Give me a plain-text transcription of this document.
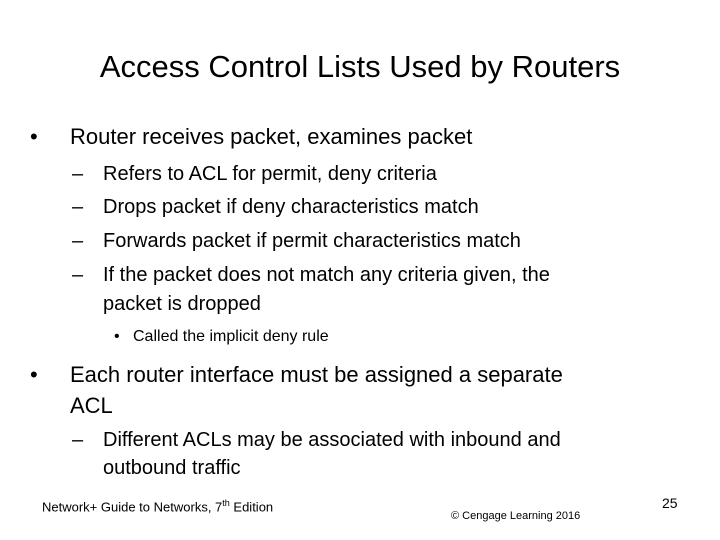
Access Control Lists Used by Routers
• Router receives packet, examines packet
– Refers to ACL for permit, deny criteria
– Drops packet if deny characteristics match
– Forwards packet if permit characteristics match
– If the packet does not match any criteria given, the
packet is dropped
• Called the implicit deny rule
• Each router interface must be assigned a separate
ACL
– Different ACLs may be associated with inbound and
outbound traffic
Network+ Guide to Networks, 7th Edition
© Cengage Learning 2016
25
